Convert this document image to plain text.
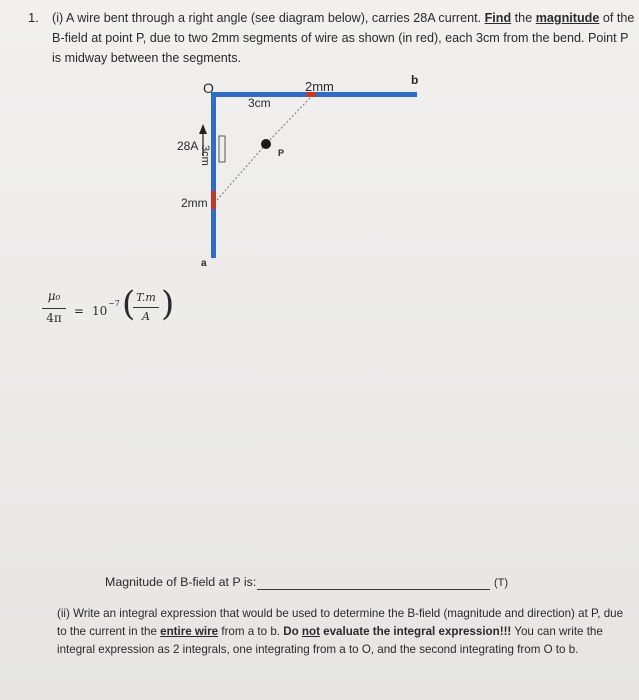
1. (i) A wire bent through a right angle (see diagram below), carries 28A current. Find the magnitude of the B-field at point P, due to two 2mm segments of wire as shown (in red), each 3cm from the bend. Point P is midway between the segments.
O	b
a
P
2mm
3cm
28A 3cm
2mm
μ₀
4π	= 10
−7 ( T.m
A )
Magnitude of B-field at P is:	(T)
(ii) Write an integral expression that would be used to determine the B-field (magnitude and direction) at P, due to the current in the entire wire from a to b. Do not evaluate the integral expression!!! You can write the integral expression as 2 integrals, one integrating from a to O, and the second integrating from O to b.
